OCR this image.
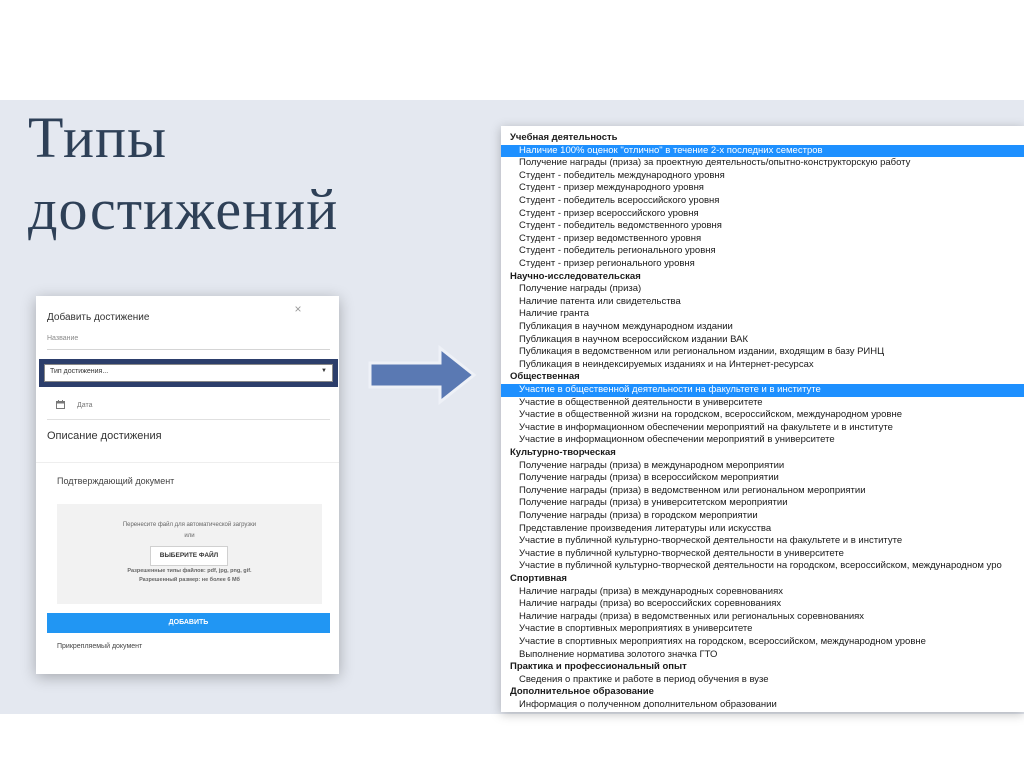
Типы достижений
×
Добавить достижение
Название
Тип достижения...	▼
Дата
Описание достижения
Подтверждающий документ
Перенесите файл для автоматической загрузки
или
ВЫБЕРИТЕ ФАЙЛ
Разрешенные типы файлов: pdf, jpg, png, gif.
Разрешенный размер: не более 6 Мб
ДОБАВИТЬ
Прикрепляемый документ
Учебная деятельность
Наличие 100% оценок "отлично" в течение 2-х последних семестров
Получение награды (приза) за проектную деятельность/опытно-конструкторскую работу
Студент - победитель международного уровня
Студент - призер международного уровня
Студент - победитель всероссийского уровня
Студент - призер всероссийского уровня
Студент - победитель ведомственного уровня
Студент - призер ведомственного уровня
Студент - победитель регионального уровня
Студент - призер регионального уровня
Научно-исследовательская
Получение награды (приза)
Наличие патента или свидетельства
Наличие гранта
Публикация в научном международном издании
Публикация в научном всероссийском издании ВАК
Публикация в ведомственном или региональном издании, входящим в базу РИНЦ
Публикация в неиндексируемых изданиях и на Интернет-ресурсах
Общественная
Участие в общественной деятельности на факультете и в институте
Участие в общественной деятельности в университете
Участие в общественной жизни на городском, всероссийском, международном уровне
Участие в информационном обеспечении мероприятий на факультете и в институте
Участие в информационном обеспечении мероприятий в университете
Культурно-творческая
Получение награды (приза) в международном мероприятии
Получение награды (приза) в всероссийском мероприятии
Получение награды (приза) в ведомственном или региональном мероприятии
Получение награды (приза) в университетском мероприятии
Получение награды (приза) в городском мероприятии
Представление произведения литературы или искусства
Участие в публичной культурно-творческой деятельности на факультете и в институте
Участие в публичной культурно-творческой деятельности в университете
Участие в публичной культурно-творческой деятельности на городском, всероссийском, международном уро
Спортивная
Наличие награды (приза) в международных соревнованиях
Наличие награды (приза) во всероссийских соревнованиях
Наличие награды (приза) в ведомственных или региональных соревнованиях
Участие в спортивных мероприятиях в университете
Участие в спортивных мероприятиях на городском, всероссийском, международном уровне
Выполнение норматива золотого значка ГТО
Практика и профессиональный опыт
Сведения о практике и работе в период обучения в вузе
Дополнительное образование
Информация о полученном дополнительном образовании
